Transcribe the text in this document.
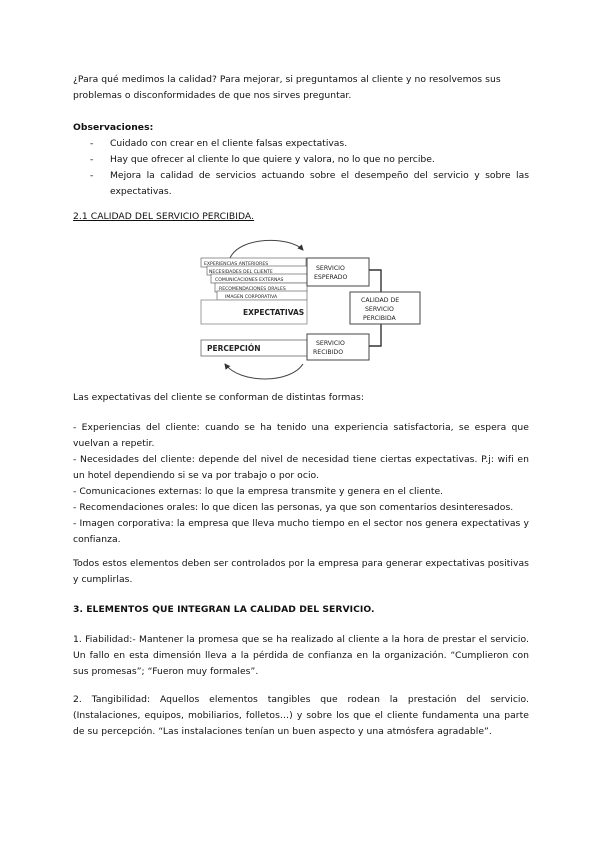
¿Para qué medimos la calidad? Para mejorar, si preguntamos al cliente y no resolvemos sus
problemas o disconformidades de que nos sirves preguntar.

Observaciones:

- Cuidado con crear en el cliente falsas expectativas.
- Hay que ofrecer al cliente lo que quiere y valora, no lo que no percibe.
- Mejora la calidad de servicios actuando sobre el desempeño del servicio y sobre las expectativas.

2.1 CALIDAD DEL SERVICIO PERCIBIDA.

EXPERIENCIAS ANTERIORES
NECESIDADES DEL CLIENTE
COMUNICACIONES EXTERNAS
RECOMENDACIONES ORALES
IMAGEN CORPORATIVA
EXPECTATIVAS
SERVICIO
ESPERADO
PERCEPCIÓN
SERVICIO
RECIBIDO
CALIDAD DE
SERVICIO
PERCIBIDA

Las expectativas del cliente se conforman de distintas formas:

- Experiencias del cliente: cuando se ha tenido una experiencia satisfactoria, se espera que vuelvan a repetir.

- Necesidades del cliente: depende del nivel de necesidad tiene ciertas expectativas. P.j: wifi en un hotel dependiendo si se va por trabajo o por ocio.

- Comunicaciones externas: lo que la empresa transmite y genera en el cliente.

- Recomendaciones orales: lo que dicen las personas, ya que son comentarios desinteresados.

- Imagen corporativa: la empresa que lleva mucho tiempo en el sector nos genera expectativas y confianza.

Todos estos elementos deben ser controlados por la empresa para generar expectativas positivas y cumplirlas.

3. ELEMENTOS QUE INTEGRAN LA CALIDAD DEL SERVICIO.

1. Fiabilidad:- Mantener la promesa que se ha realizado al cliente a la hora de prestar el servicio. Un fallo en esta dimensión lleva a la pérdida de confianza en la organización. “Cumplieron con sus promesas”; “Fueron muy formales”.

2. Tangibilidad: Aquellos elementos tangibles que rodean la prestación del servicio. (Instalaciones, equipos, mobiliarios, folletos…) y sobre los que el cliente fundamenta una parte de su percepción. “Las instalaciones tenían un buen aspecto y una atmósfera agradable”.
